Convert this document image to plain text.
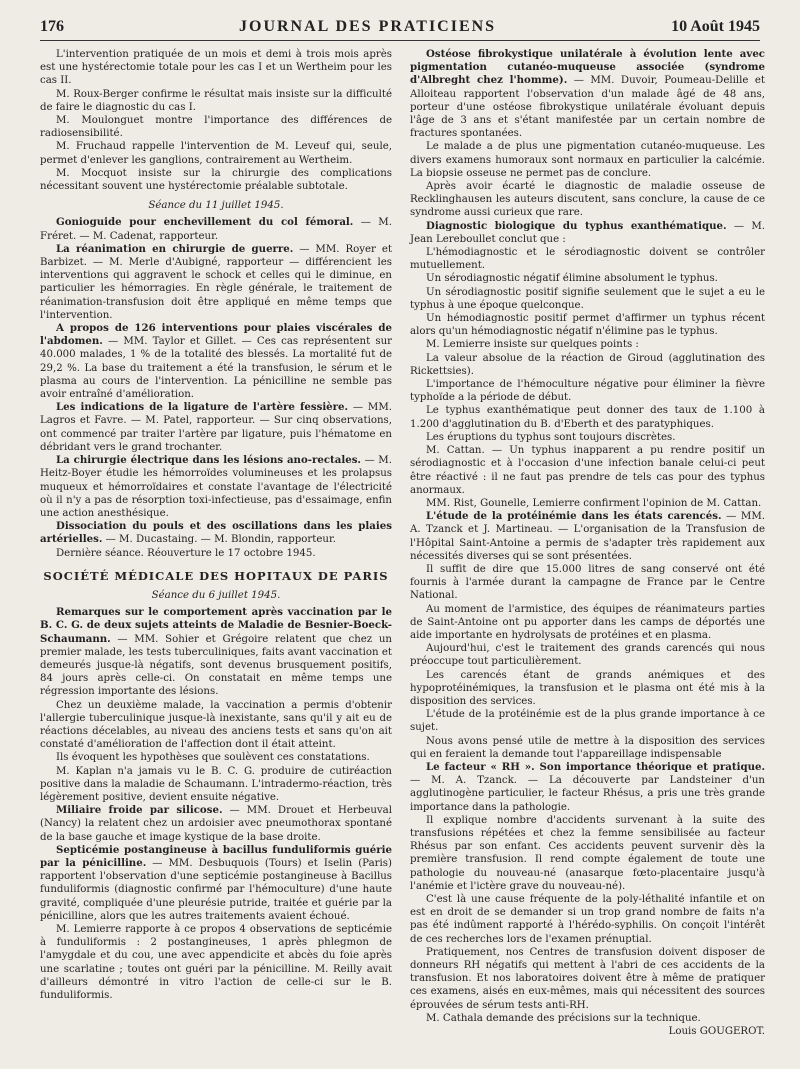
176	JOURNAL DES PRATICIENS	10 Août 1945

L'intervention pratiquée de un mois et demi à trois mois après est une hystérectomie totale pour les cas I et un Wertheim pour les cas II.

M. Roux-Berger confirme le résultat mais insiste sur la difficulté de faire le diagnostic du cas I.

M. Moulonguet montre l'importance des différences de radiosensibilité.

M. Fruchaud rappelle l'intervention de M. Leveuf qui, seule, permet d'enlever les ganglions, contrairement au Wertheim.

M. Mocquot insiste sur la chirurgie des complications nécessitant souvent une hystérectomie préalable subtotale.

Séance du 11 juillet 1945.

Gonioguide pour enchevillement du col fémoral. — M. Fréret. — M. Cadenat, rapporteur.

La réanimation en chirurgie de guerre. — MM. Royer et Barbizet. — M. Merle d'Aubigné, rapporteur — différencient les interventions qui aggravent le schock et celles qui le diminue, en particulier les hémorragies. En règle générale, le traitement de réanimation-transfusion doit être appliqué en même temps que l'intervention.

A propos de 126 interventions pour plaies viscérales de l'abdomen. — MM. Taylor et Gillet. — Ces cas représentent sur 40.000 malades, 1 % de la totalité des blessés. La mortalité fut de 29,2 %. La base du traitement a été la transfusion, le sérum et le plasma au cours de l'intervention. La pénicilline ne semble pas avoir entraîné d'amélioration.

Les indications de la ligature de l'artère fessière. — MM. Lagros et Favre. — M. Patel, rapporteur. — Sur cinq observations, ont commencé par traiter l'artère par ligature, puis l'hématome en débridant vers le grand trochanter.

La chirurgie électrique dans les lésions ano-rectales. — M. Heitz-Boyer étudie les hémorroïdes volumineuses et les prolapsus muqueux et hémorroïdaires et constate l'avantage de l'électricité où il n'y a pas de résorption toxi-infectieuse, pas d'essaimage, enfin une action anesthésique.

Dissociation du pouls et des oscillations dans les plaies artérielles. — M. Ducastaing. — M. Blondin, rapporteur.

Dernière séance. Réouverture le 17 octobre 1945.

SOCIÉTÉ MÉDICALE DES HOPITAUX DE PARIS

Séance du 6 juillet 1945.

Remarques sur le comportement après vaccination par le B. C. G. de deux sujets atteints de Maladie de Besnier-Boeck-Schaumann. — MM. Sohier et Grégoire relatent que chez un premier malade, les tests tuberculiniques, faits avant vaccination et demeurés jusque-là négatifs, sont devenus brusquement positifs, 84 jours après celle-ci. On constatait en même temps une régression importante des lésions.

Chez un deuxième malade, la vaccination a permis d'obtenir l'allergie tuberculinique jusque-là inexistante, sans qu'il y ait eu de réactions décelables, au niveau des anciens tests et sans qu'on ait constaté d'amélioration de l'affection dont il était atteint.

Ils évoquent les hypothèses que soulèvent ces constatations.

M. Kaplan n'a jamais vu le B. C. G. produire de cutiréaction positive dans la maladie de Schaumann. L'intradermo-réaction, très légèrement positive, devient ensuite négative.

Miliaire froide par silicose. — MM. Drouet et Herbeuval (Nancy) la relatent chez un ardoisier avec pneumothorax spontané de la base gauche et image kystique de la base droite.

Septicémie postangineuse à bacillus funduliformis guérie par la pénicilline. — MM. Desbuquois (Tours) et Iselin (Paris) rapportent l'observation d'une septicémie postangineuse à Bacillus funduliformis (diagnostic confirmé par l'hémoculture) d'une haute gravité, compliquée d'une pleurésie putride, traitée et guérie par la pénicilline, alors que les autres traitements avaient échoué.

M. Lemierre rapporte à ce propos 4 observations de septicémie à funduliformis : 2 postangineuses, 1 après phlegmon de l'amygdale et du cou, une avec appendicite et abcès du foie après une scarlatine ; toutes ont guéri par la pénicilline. M. Reilly avait d'ailleurs démontré in vitro l'action de celle-ci sur le B. funduliformis.

Ostéose fibrokystique unilatérale à évolution lente avec pigmentation cutanéo-muqueuse associée (syndrome d'Albreght chez l'homme). — MM. Duvoir, Poumeau-Delille et Alloiteau rapportent l'observation d'un malade âgé de 48 ans, porteur d'une ostéose fibrokystique unilatérale évoluant depuis l'âge de 3 ans et s'étant manifestée par un certain nombre de fractures spontanées.

Le malade a de plus une pigmentation cutanéo-muqueuse. Les divers examens humoraux sont normaux en particulier la calcémie. La biopsie osseuse ne permet pas de conclure.

Après avoir écarté le diagnostic de maladie osseuse de Recklinghausen les auteurs discutent, sans conclure, la cause de ce syndrome aussi curieux que rare.

Diagnostic biologique du typhus exanthématique. — M. Jean Lereboullet conclut que :

L'hémodiagnostic et le sérodiagnostic doivent se contrôler mutuellement.

Un sérodiagnostic négatif élimine absolument le typhus.

Un sérodiagnostic positif signifie seulement que le sujet a eu le typhus à une époque quelconque.

Un hémodiagnostic positif permet d'affirmer un typhus récent alors qu'un hémodiagnostic négatif n'élimine pas le typhus.

M. Lemierre insiste sur quelques points :

La valeur absolue de la réaction de Giroud (agglutination des Rickettsies).

L'importance de l'hémoculture négative pour éliminer la fièvre typhoïde a la période de début.

Le typhus exanthématique peut donner des taux de 1.100 à 1.200 d'agglutination du B. d'Eberth et des paratyphiques.

Les éruptions du typhus sont toujours discrètes.

M. Cattan. — Un typhus inapparent a pu rendre positif un sérodiagnostic et à l'occasion d'une infection banale celui-ci peut être réactivé : il ne faut pas prendre de tels cas pour des typhus anormaux.

MM. Rist, Gounelle, Lemierre confirment l'opinion de M. Cattan.

L'étude de la protéinémie dans les états carencés. — MM. A. Tzanck et J. Martineau. — L'organisation de la Transfusion de l'Hôpital Saint-Antoine a permis de s'adapter très rapidement aux nécessités diverses qui se sont présentées.

Il suffit de dire que 15.000 litres de sang conservé ont été fournis à l'armée durant la campagne de France par le Centre National.

Au moment de l'armistice, des équipes de réanimateurs parties de Saint-Antoine ont pu apporter dans les camps de déportés une aide importante en hydrolysats de protéines et en plasma.

Aujourd'hui, c'est le traitement des grands carencés qui nous préoccupe tout particulièrement.

Les carencés étant de grands anémiques et des hypoprotéinémiques, la transfusion et le plasma ont été mis à la disposition des services.

L'étude de la protéinémie est de la plus grande importance à ce sujet.

Nous avons pensé utile de mettre à la disposition des services qui en feraient la demande tout l'appareillage indispensable

Le facteur « RH ». Son importance théorique et pratique. — M. A. Tzanck. — La découverte par Landsteiner d'un agglutinogène particulier, le facteur Rhésus, a pris une très grande importance dans la pathologie.

Il explique nombre d'accidents survenant à la suite des transfusions répétées et chez la femme sensibilisée au facteur Rhésus par son enfant. Ces accidents peuvent survenir dès la première transfusion. Il rend compte également de toute une pathologie du nouveau-né (anasarque fœto-placentaire jusqu'à l'anémie et l'ictère grave du nouveau-né).

C'est là une cause fréquente de la poly-léthalité infantile et on est en droit de se demander si un trop grand nombre de faits n'a pas été indûment rapporté à l'hérédo-syphilis. On conçoit l'intérêt de ces recherches lors de l'examen prénuptial.

Pratiquement, nos Centres de transfusion doivent disposer de donneurs RH négatifs qui mettent à l'abri de ces accidents de la transfusion. Et nos laboratoires doivent être à même de pratiquer ces examens, aisés en eux-mêmes, mais qui nécessitent des sources éprouvées de sérum tests anti-RH.

M. Cathala demande des précisions sur la technique.

Louis GOUGEROT.
